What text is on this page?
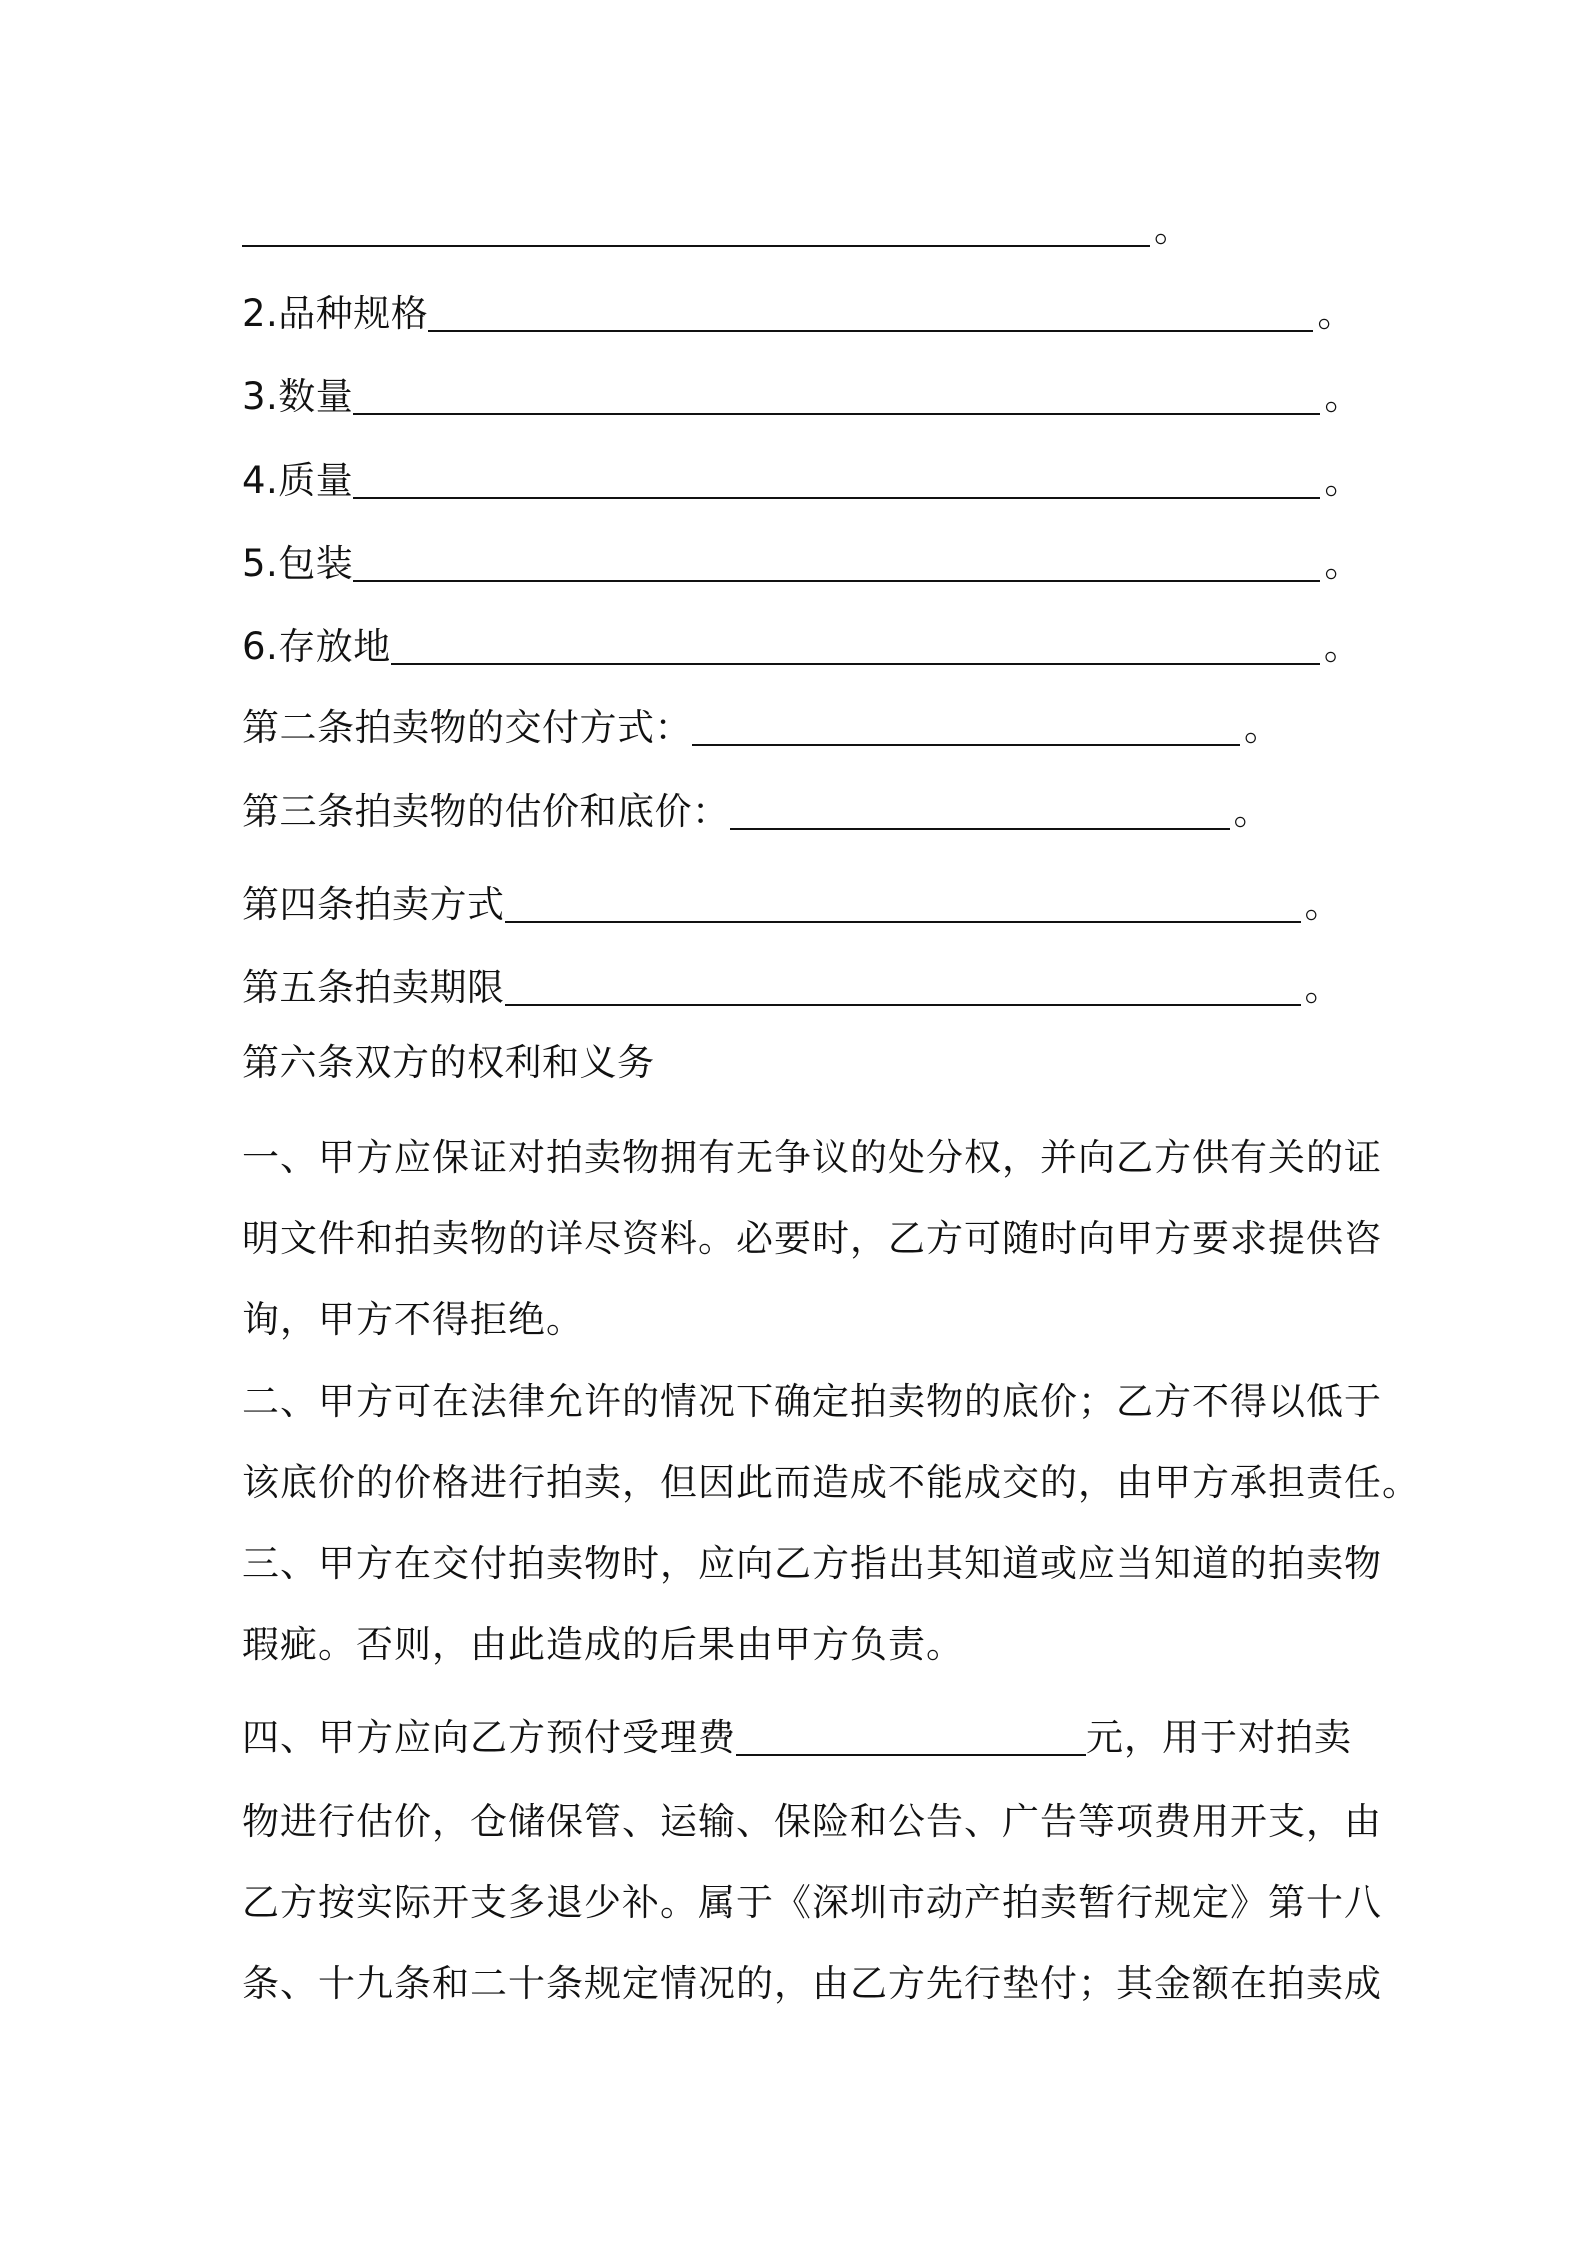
。
2.品种规格	。
3.数量	。
4.质量	。
5.包装	。
6.存放地	。
第二条拍卖物的交付方式：	。
第三条拍卖物的估价和底价：	。
第四条拍卖方式	。
第五条拍卖期限	。
第六条双方的权利和义务
一、甲方应保证对拍卖物拥有无争议的处分权，并向乙方供有关的证
明文件和拍卖物的详尽资料。必要时，乙方可随时向甲方要求提供咨
询，甲方不得拒绝。
二、甲方可在法律允许的情况下确定拍卖物的底价；乙方不得以低于
该底价的价格进行拍卖，但因此而造成不能成交的，由甲方承担责任。
三、甲方在交付拍卖物时，应向乙方指出其知道或应当知道的拍卖物
瑕疵。否则，由此造成的后果由甲方负责。
四、甲方应向乙方预付受理费	元，用于对拍卖
物进行估价，仓储保管、运输、保险和公告、广告等项费用开支，由
乙方按实际开支多退少补。属于《深圳市动产拍卖暂行规定》第十八
条、十九条和二十条规定情况的，由乙方先行垫付；其金额在拍卖成
